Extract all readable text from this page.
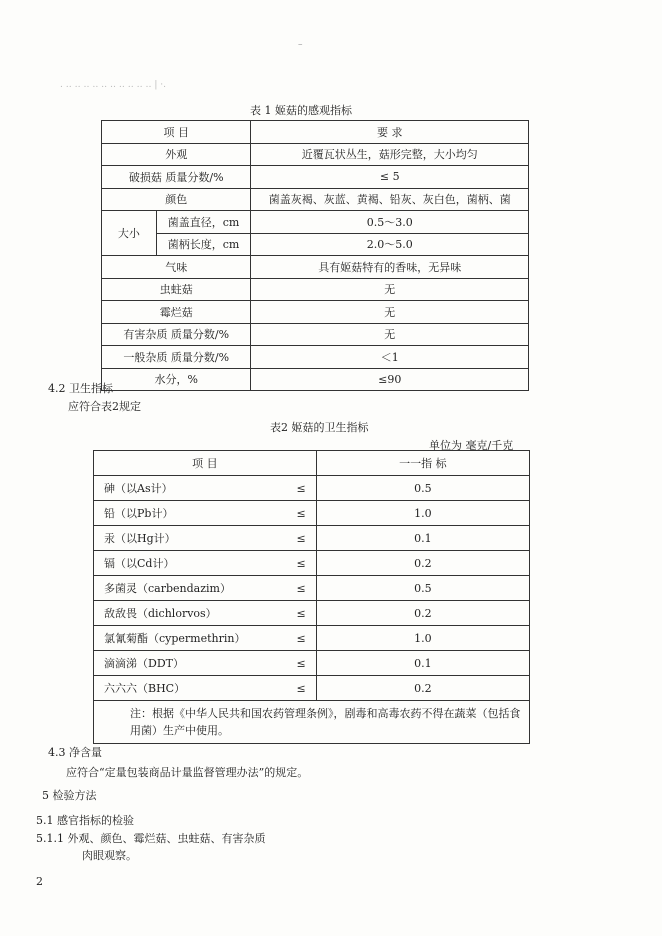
–
. ‥ ‥ ‥ ‥ ‥ ‥ ‥ ‥ ‥ ‥ | ·.
表 1 姬菇的感观指标
项 目		要 求
外观		近覆瓦状丛生，菇形完整，大小均匀
破损菇 质量分数/%		≤ 5
颜色		菌盖灰褐、灰蓝、黄褐、铅灰、灰白色，菌柄、菌
大小	菌盖直径，cm	0.5～3.0
	菌柄长度，cm	2.0～5.0
气味		具有姬菇特有的香味，无异味
虫蛀菇		无
霉烂菇		无
有害杂质 质量分数/%		无
一般杂质 质量分数/%		＜1
水分，%		≤90
4.2 卫生指标
应符合表2规定
表2 姬菇的卫生指标
单位为 毫克/千克
项 目		一一指 标
砷（以As计）	≤	0.5
铅（以Pb计）	≤	1.0
汞（以Hg计）	≤	0.1
镉（以Cd计）	≤	0.2
多菌灵（carbendazim）	≤	0.5
敌敌畏（dichlorvos）	≤	0.2
氯氰菊酯（cypermethrin）	≤	1.0
滴滴涕（DDT）	≤	0.1
六六六（BHC）	≤	0.2
注：根据《中华人民共和国农药管理条例》，剧毒和高毒农药不得在蔬菜（包括食用菌）生产中使用。		
4.3 净含量
应符合“定量包装商品计量监督管理办法”的规定。
5 检验方法
5.1 感官指标的检验
5.1.1 外观、颜色、霉烂菇、虫蛀菇、有害杂质
肉眼观察。
2
